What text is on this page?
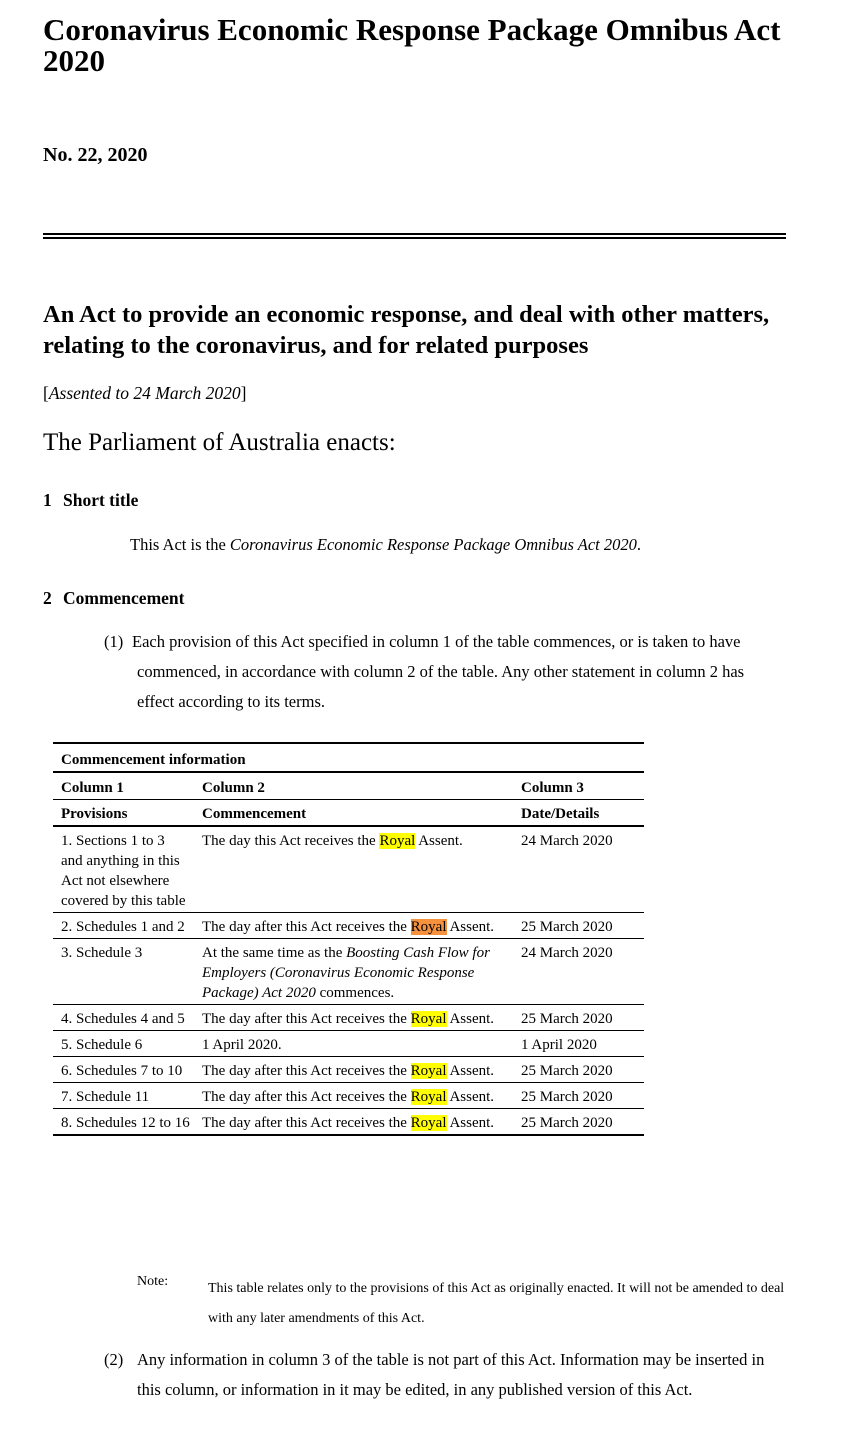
Coronavirus Economic Response Package Omnibus Act 2020
No. 22, 2020
An Act to provide an economic response, and deal with other matters, relating to the coronavirus, and for related purposes
[Assented to 24 March 2020]
The Parliament of Australia enacts:
1 Short title
This Act is the Coronavirus Economic Response Package Omnibus Act 2020.
2 Commencement
(1) Each provision of this Act specified in column 1 of the table commences, or is taken to have commenced, in accordance with column 2 of the table. Any other statement in column 2 has effect according to its terms.
Commencement information		
Column 1	Column 2	Column 3
Provisions	Commencement	Date/Details
1. Sections 1 to 3 and anything in this Act not elsewhere covered by this table	The day this Act receives the Royal Assent.	24 March 2020
2. Schedules 1 and 2	The day after this Act receives the Royal Assent.	25 March 2020
3. Schedule 3	At the same time as the Boosting Cash Flow for Employers (Coronavirus Economic Response Package) Act 2020 commences.	24 March 2020
4. Schedules 4 and 5	The day after this Act receives the Royal Assent.	25 March 2020
5. Schedule 6	1 April 2020.	1 April 2020
6. Schedules 7 to 10	The day after this Act receives the Royal Assent.	25 March 2020
7. Schedule 11	The day after this Act receives the Royal Assent.	25 March 2020
8. Schedules 12 to 16	The day after this Act receives the Royal Assent.	25 March 2020
Note:	This table relates only to the provisions of this Act as originally enacted. It will not be amended to deal with any later amendments of this Act.
(2) Any information in column 3 of the table is not part of this Act. Information may be inserted in this column, or information in it may be edited, in any published version of this Act.
